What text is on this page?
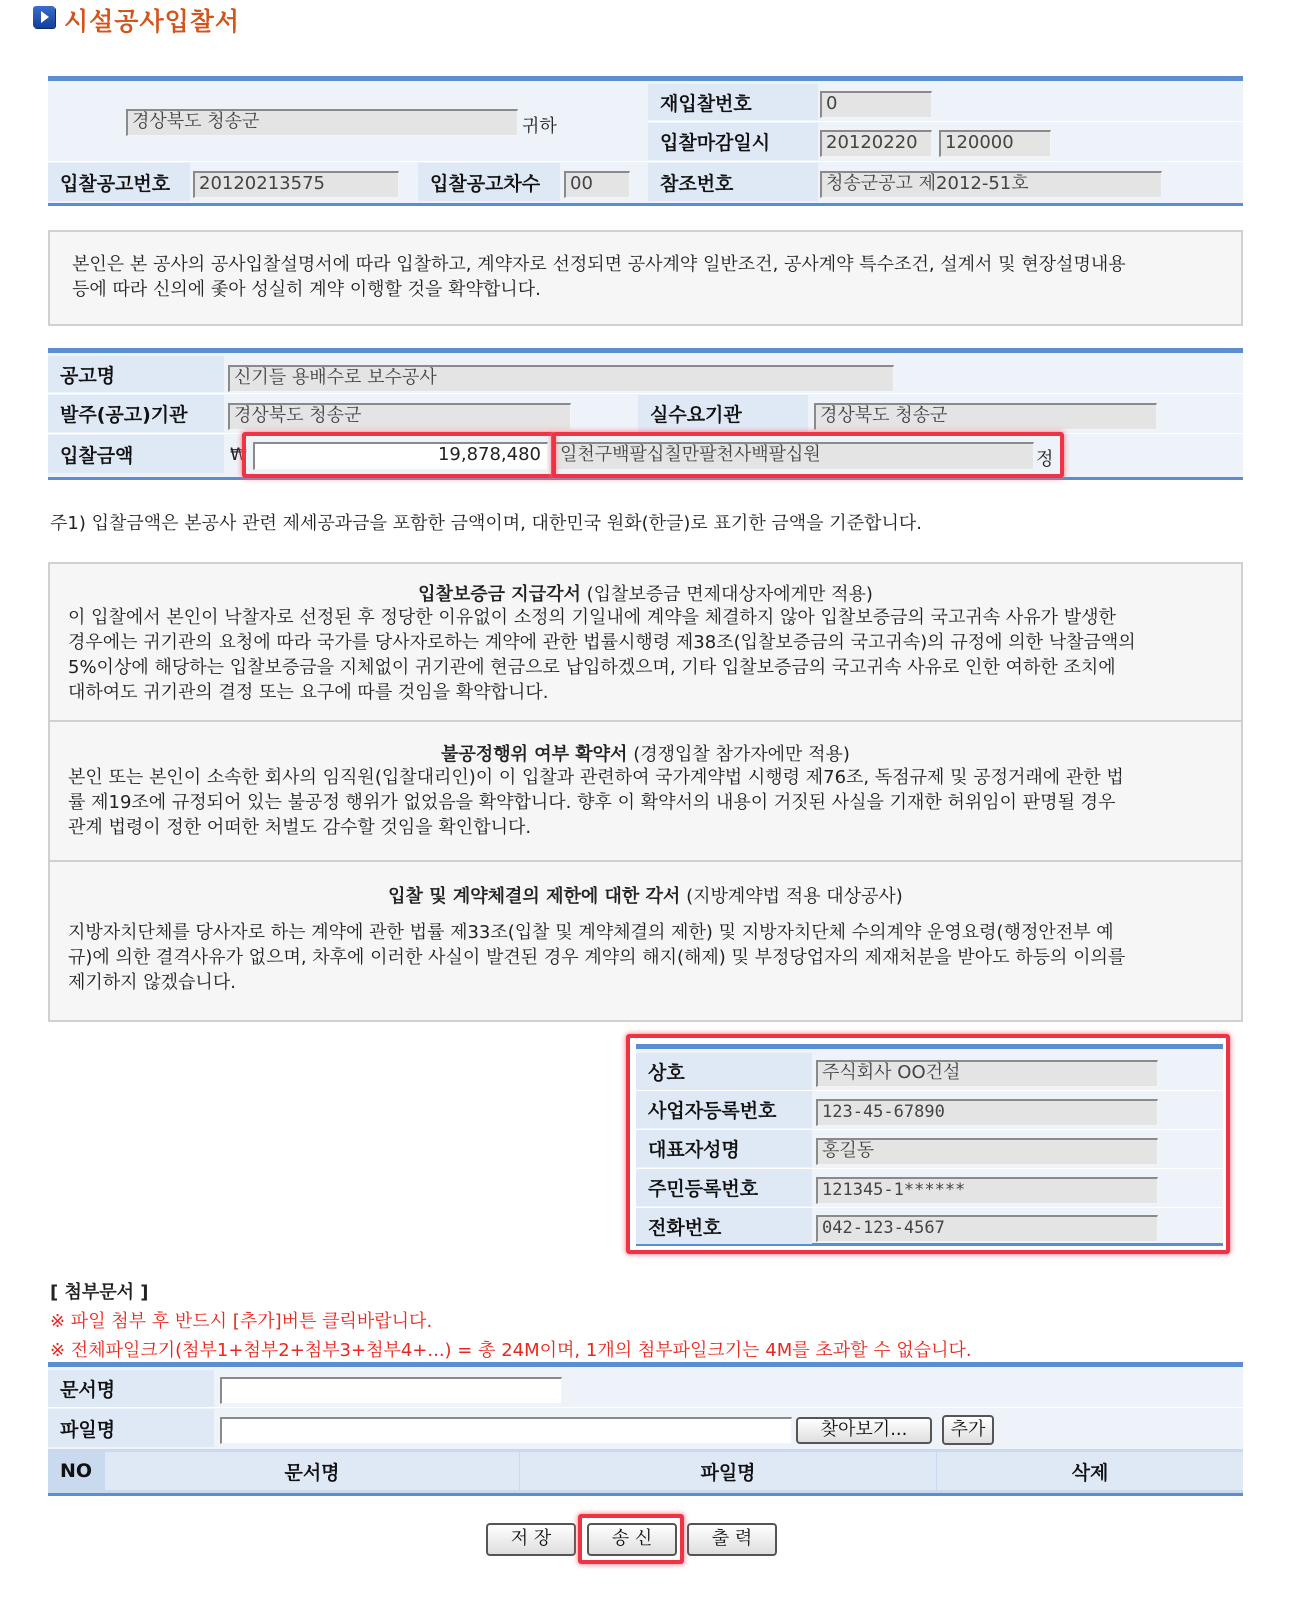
시설공사입찰서
경상북도 청송군	귀하
재입찰번호	0
입찰마감일시	20120220	120000
입찰공고번호	20120213575	입찰공고차수	00	참조번호	청송군공고 제2012-51호
본인은 본 공사의 공사입찰설명서에 따라 입찰하고, 계약자로 선정되면 공사계약 일반조건, 공사계약 특수조건, 설계서 및 현장설명내용
등에 따라 신의에 좇아 성실히 계약 이행할 것을 확약합니다.
공고명	신기들 용배수로 보수공사
발주(공고)기관	경상북도 청송군	실수요기관	경상북도 청송군
입찰금액	₩	19,878,480	일천구백팔십칠만팔천사백팔십원	정
주1) 입찰금액은 본공사 관련 제세공과금을 포함한 금액이며, 대한민국 원화(한글)로 표기한 금액을 기준합니다.
입찰보증금 지급각서 (입찰보증금 면제대상자에게만 적용)
이 입찰에서 본인이 낙찰자로 선정된 후 정당한 이유없이 소정의 기일내에 계약을 체결하지 않아 입찰보증금의 국고귀속 사유가 발생한
경우에는 귀기관의 요청에 따라 국가를 당사자로하는 계약에 관한 법률시행령 제38조(입찰보증금의 국고귀속)의 규정에 의한 낙찰금액의
5%이상에 해당하는 입찰보증금을 지체없이 귀기관에 현금으로 납입하겠으며, 기타 입찰보증금의 국고귀속 사유로 인한 여하한 조치에
대하여도 귀기관의 결정 또는 요구에 따를 것임을 확약합니다.
불공정행위 여부 확약서 (경쟁입찰 참가자에만 적용)
본인 또는 본인이 소속한 회사의 임직원(입찰대리인)이 이 입찰과 관련하여 국가계약법 시행령 제76조, 독점규제 및 공정거래에 관한 법
률 제19조에 규정되어 있는 불공정 행위가 없었음을 확약합니다. 향후 이 확약서의 내용이 거짓된 사실을 기재한 허위임이 판명될 경우
관계 법령이 정한 어떠한 처벌도 감수할 것임을 확인합니다.
입찰 및 계약체결의 제한에 대한 각서 (지방계약법 적용 대상공사)
지방자치단체를 당사자로 하는 계약에 관한 법률 제33조(입찰 및 계약체결의 제한) 및 지방자치단체 수의계약 운영요령(행정안전부 예
규)에 의한 결격사유가 없으며, 차후에 이러한 사실이 발견된 경우 계약의 해지(해제) 및 부정당업자의 제재처분을 받아도 하등의 이의를
제기하지 않겠습니다.
상호	주식회사 OO건설
사업자등록번호	123-45-67890
대표자성명	홍길동
주민등록번호	121345-1******
전화번호	042-123-4567
[ 첨부문서 ]
※ 파일 첨부 후 반드시 [추가]버튼 클릭바랍니다.
※ 전체파일크기(첨부1+첨부2+첨부3+첨부4+...) = 총 24M이며, 1개의 첨부파일크기는 4M를 초과할 수 없습니다.
문서명
파일명	찾아보기...	추가
NO	문서명	파일명	삭제
저 장	송 신	출 력
